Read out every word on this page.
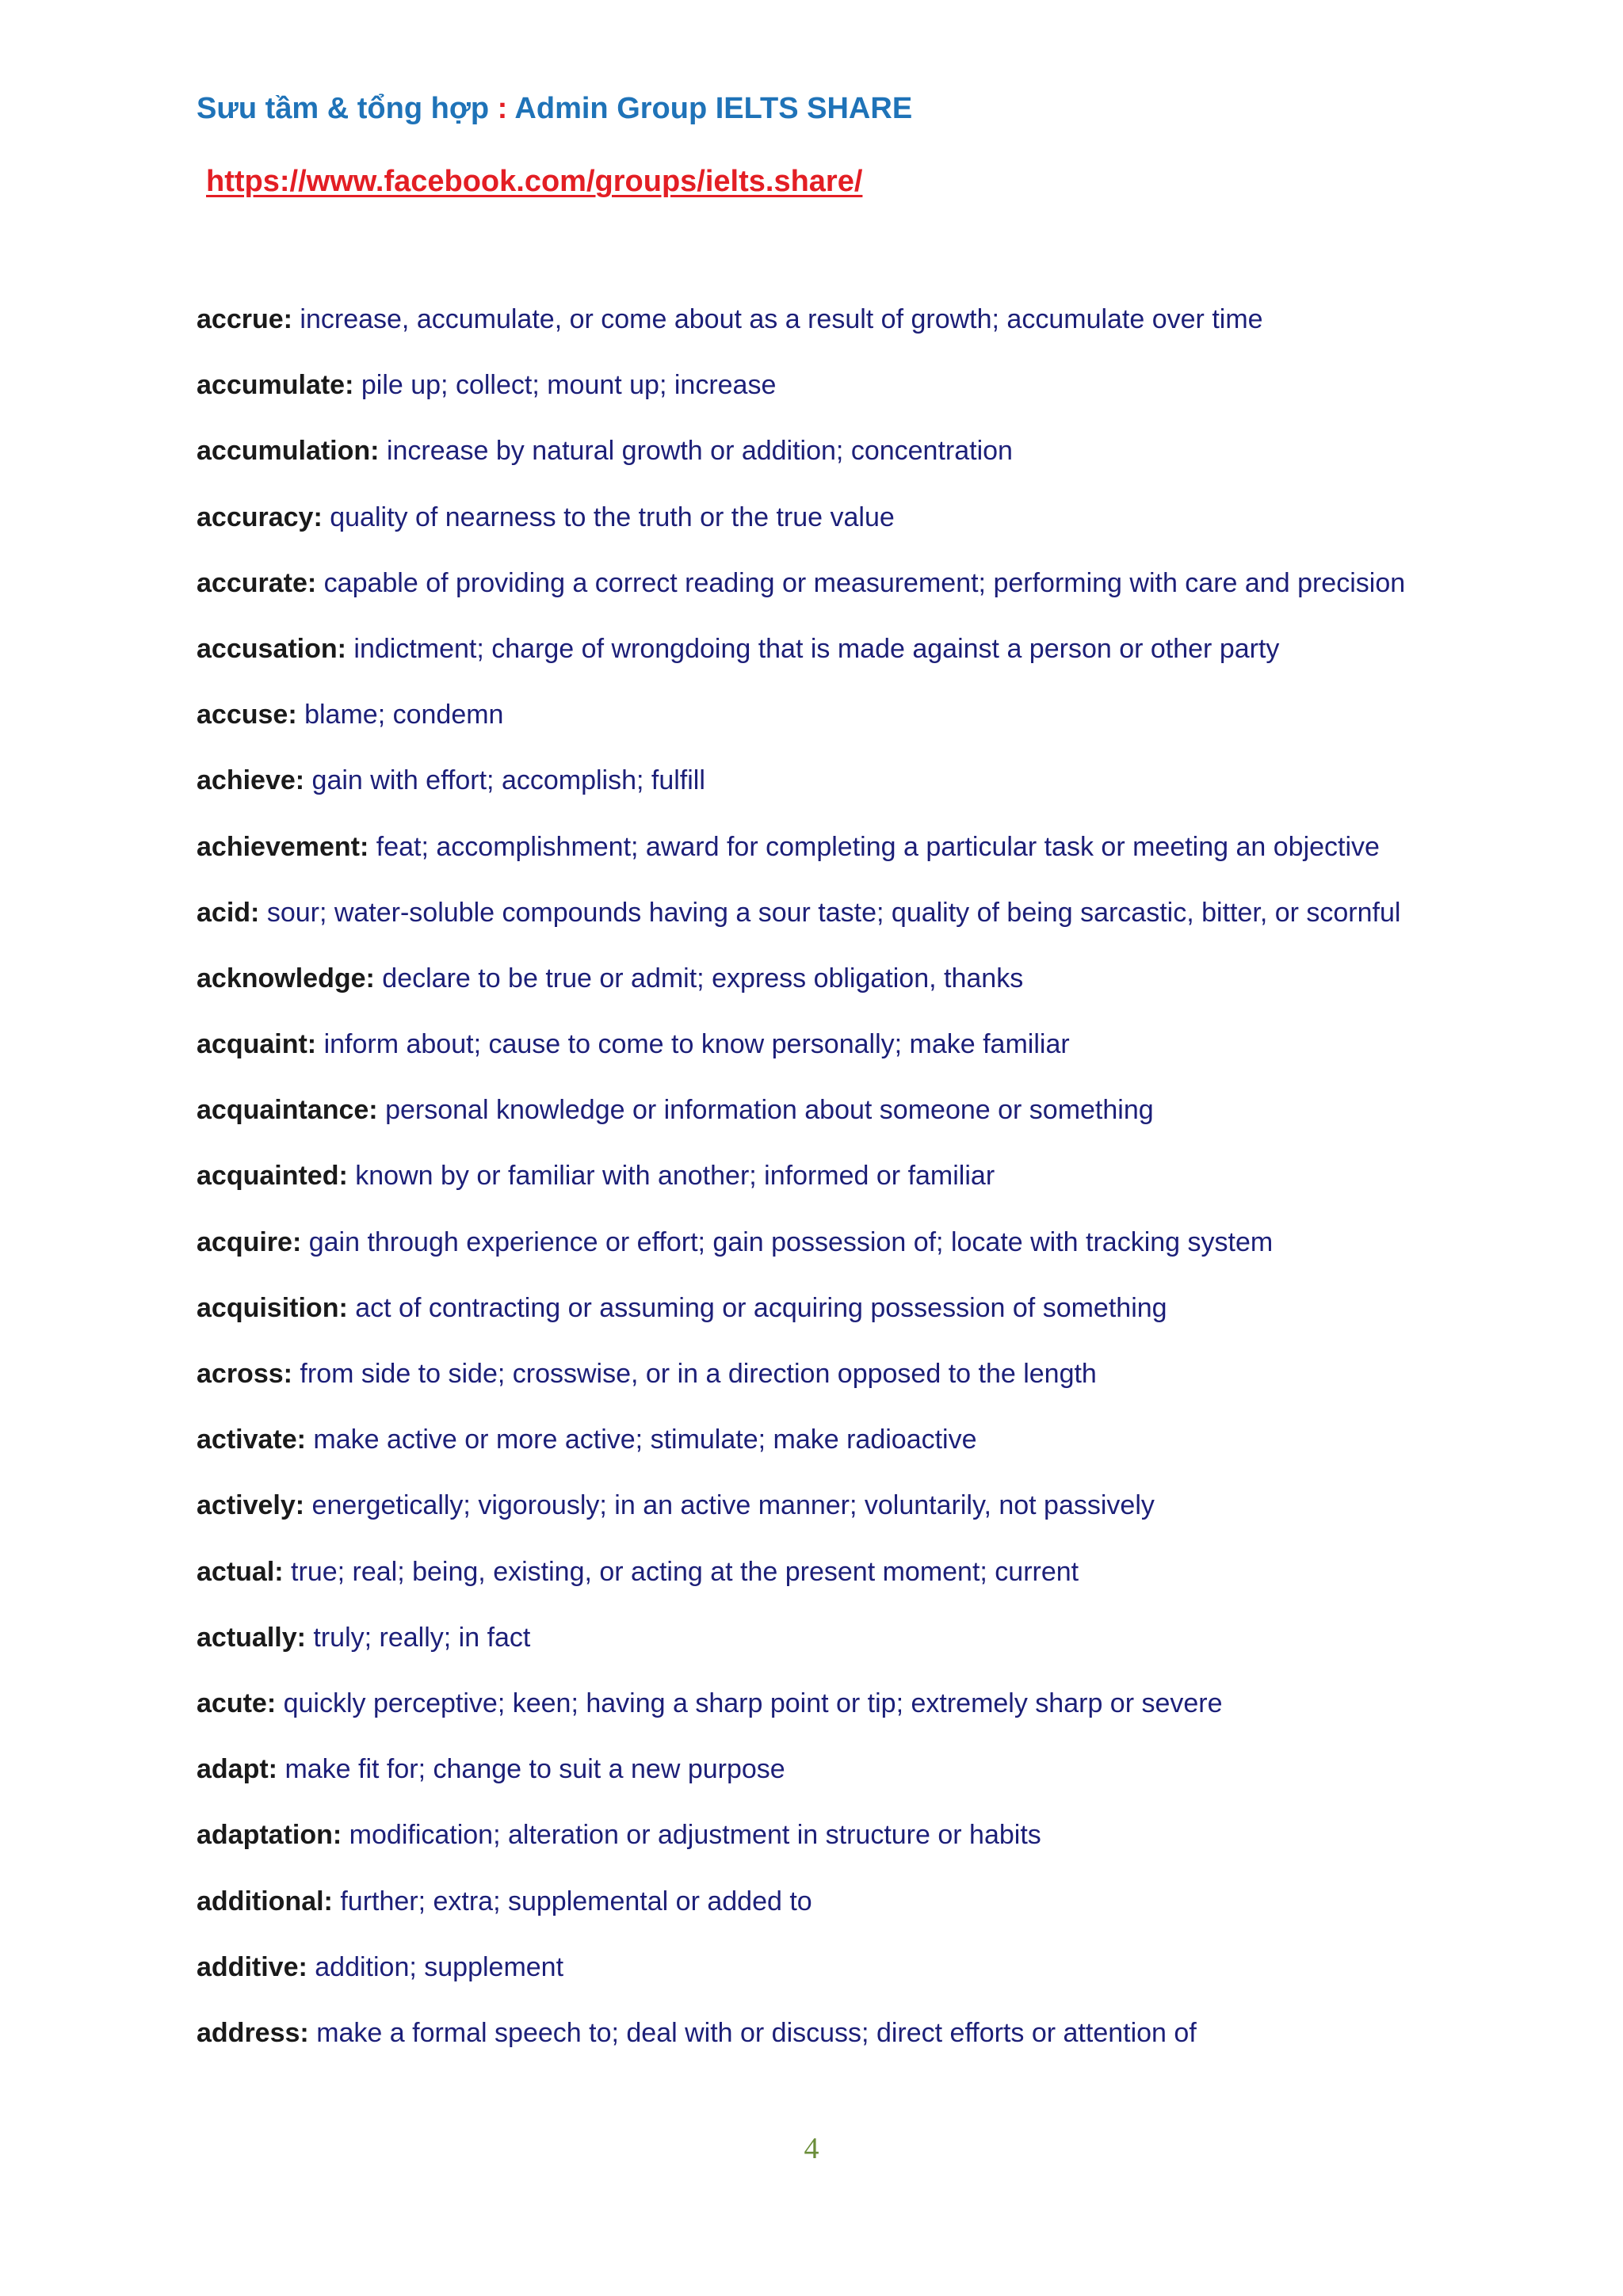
Sưu tầm & tổng hợp : Admin Group IELTS SHARE
https://www.facebook.com/groups/ielts.share/
accrue: increase, accumulate, or come about as a result of growth; accumulate over time
accumulate: pile up; collect; mount up; increase
accumulation: increase by natural growth or addition; concentration
accuracy: quality of nearness to the truth or the true value
accurate: capable of providing a correct reading or measurement; performing with care and precision
accusation: indictment; charge of wrongdoing that is made against a person or other party
accuse: blame; condemn
achieve: gain with effort; accomplish; fulfill
achievement: feat; accomplishment; award for completing a particular task or meeting an objective
acid: sour; water-soluble compounds having a sour taste; quality of being sarcastic, bitter, or scornful
acknowledge: declare to be true or admit; express obligation, thanks
acquaint: inform about; cause to come to know personally; make familiar
acquaintance: personal knowledge or information about someone or something
acquainted: known by or familiar with another; informed or familiar
acquire: gain through experience or effort; gain possession of; locate with tracking system
acquisition: act of contracting or assuming or acquiring possession of something
across: from side to side; crosswise, or in a direction opposed to the length
activate: make active or more active; stimulate; make radioactive
actively: energetically; vigorously; in an active manner; voluntarily, not passively
actual: true; real; being, existing, or acting at the present moment; current
actually: truly; really; in fact
acute: quickly perceptive; keen; having a sharp point or tip; extremely sharp or severe
adapt: make fit for; change to suit a new purpose
adaptation: modification; alteration or adjustment in structure or habits
additional: further; extra; supplemental or added to
additive: addition; supplement
address: make a formal speech to; deal with or discuss; direct efforts or attention of
4
